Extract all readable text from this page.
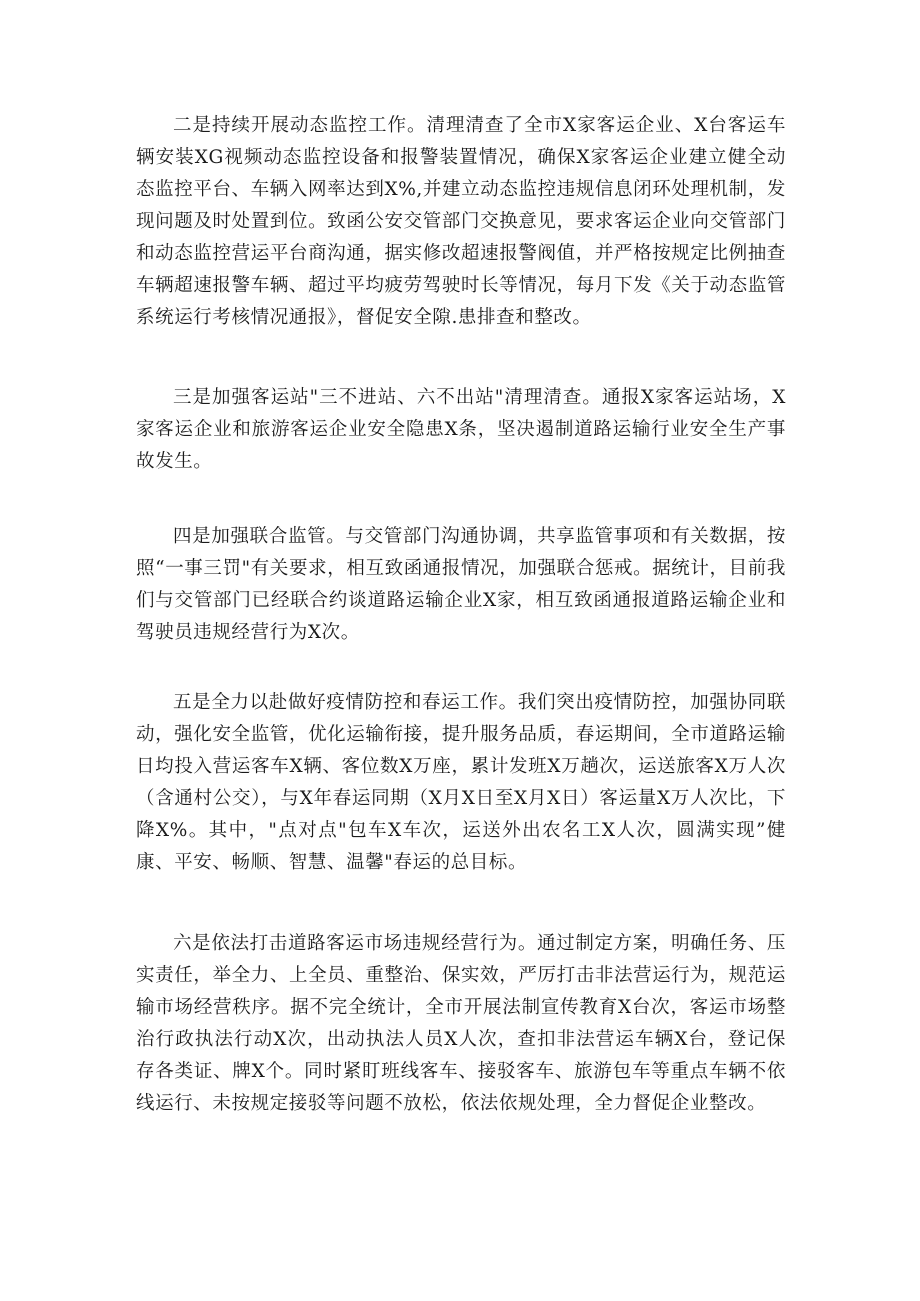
二是持续开展动态监控工作。清理清查了全市X家客运企业、X台客运车辆安装XG视频动态监控设备和报警装置情况，确保X家客运企业建立健全动态监控平台、车辆入网率达到X%,并建立动态监控违规信息闭环处理机制，发现问题及时处置到位。致函公安交管部门交换意见，要求客运企业向交管部门和动态监控营运平台商沟通，据实修改超速报警阀值，并严格按规定比例抽查车辆超速报警车辆、超过平均疲劳驾驶时长等情况，每月下发《关于动态监管系统运行考核情况通报》，督促安全隙.患排查和整改。

三是加强客运站"三不进站、六不出站"清理清查。通报X家客运站场，X家客运企业和旅游客运企业安全隐患X条，坚决遏制道路运输行业安全生产事故发生。

四是加强联合监管。与交管部门沟通协调，共享监管事项和有关数据，按照“一事三罚"有关要求，相互致函通报情况，加强联合惩戒。据统计，目前我们与交管部门已经联合约谈道路运输企业X家，相互致函通报道路运输企业和驾驶员违规经营行为X次。

五是全力以赴做好疫情防控和春运工作。我们突出疫情防控，加强协同联动，强化安全监管，优化运输衔接，提升服务品质，春运期间，全市道路运输日均投入营运客车X辆、客位数X万座，累计发班X万趟次，运送旅客X万人次（含通村公交），与X年春运同期（X月X日至X月X日）客运量X万人次比，下降X%。其中，"点对点"包车X车次，运送外出农名工X人次，圆满实现”健康、平安、畅顺、智慧、温馨"春运的总目标。

六是依法打击道路客运市场违规经营行为。通过制定方案，明确任务、压实责任，举全力、上全员、重整治、保实效，严厉打击非法营运行为，规范运输市场经营秩序。据不完全统计，全市开展法制宣传教育X台次，客运市场整治行政执法行动X次，出动执法人员X人次，查扣非法营运车辆X台，登记保存各类证、牌X个。同时紧盯班线客车、接驳客车、旅游包车等重点车辆不依线运行、未按规定接驳等问题不放松，依法依规处理，全力督促企业整改。
